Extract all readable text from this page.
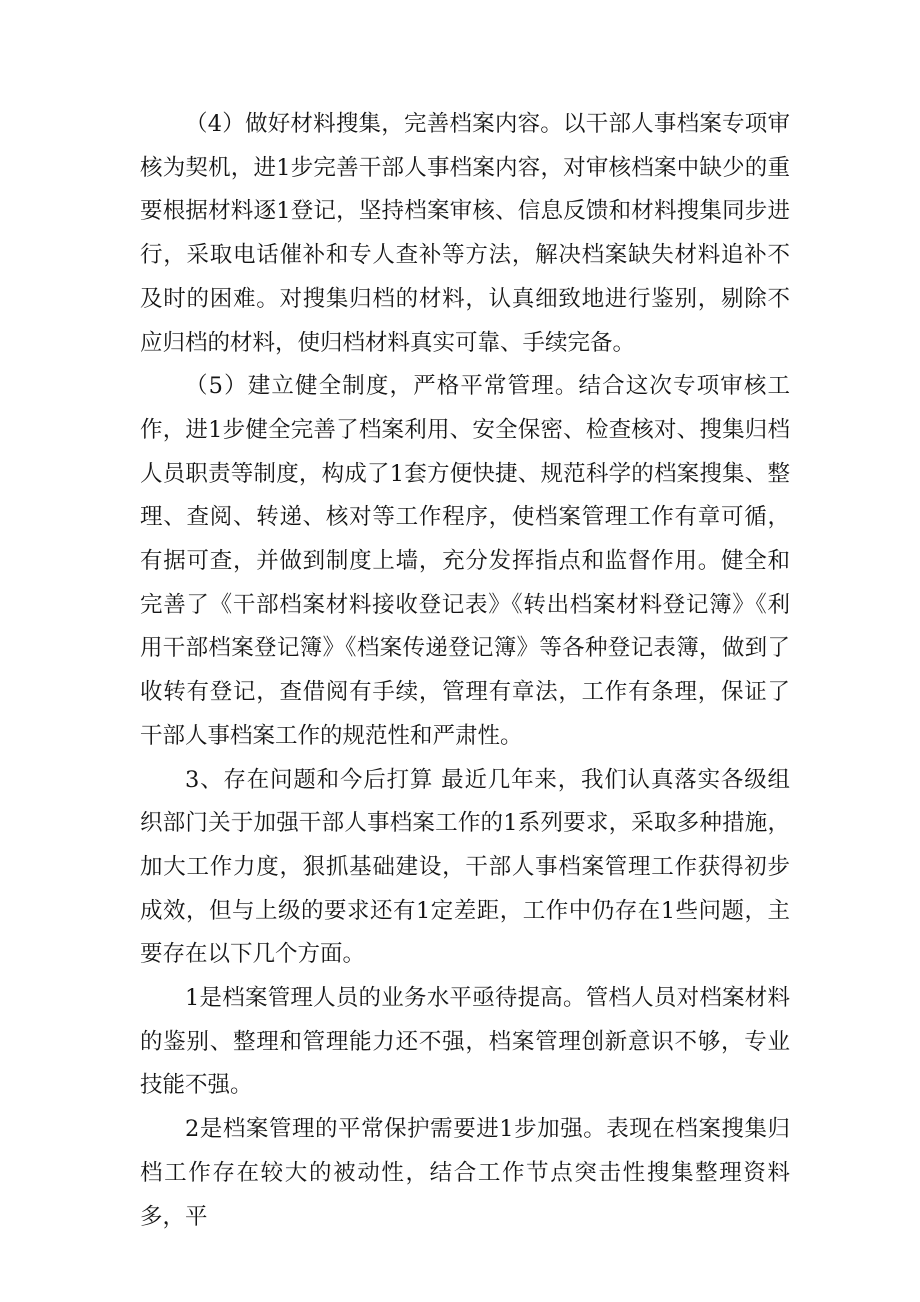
（4）做好材料搜集，完善档案内容。以干部人事档案专项审核为契机，进1步完善干部人事档案内容，对审核档案中缺少的重要根据材料逐1登记，坚持档案审核、信息反馈和材料搜集同步进行，采取电话催补和专人查补等方法，解决档案缺失材料追补不及时的困难。对搜集归档的材料，认真细致地进行鉴别，剔除不应归档的材料，使归档材料真实可靠、手续完备。

（5）建立健全制度，严格平常管理。结合这次专项审核工作，进1步健全完善了档案利用、安全保密、检查核对、搜集归档人员职责等制度，构成了1套方便快捷、规范科学的档案搜集、整理、查阅、转递、核对等工作程序，使档案管理工作有章可循，有据可查，并做到制度上墙，充分发挥指点和监督作用。健全和完善了《干部档案材料接收登记表》《转出档案材料登记簿》《利用干部档案登记簿》《档案传递登记簿》等各种登记表簿，做到了收转有登记，查借阅有手续，管理有章法，工作有条理，保证了干部人事档案工作的规范性和严肃性。

3、存在问题和今后打算 最近几年来，我们认真落实各级组织部门关于加强干部人事档案工作的1系列要求，采取多种措施，加大工作力度，狠抓基础建设，干部人事档案管理工作获得初步成效，但与上级的要求还有1定差距，工作中仍存在1些问题，主要存在以下几个方面。

1是档案管理人员的业务水平亟待提高。管档人员对档案材料的鉴别、整理和管理能力还不强，档案管理创新意识不够，专业技能不强。

2是档案管理的平常保护需要进1步加强。表现在档案搜集归档工作存在较大的被动性，结合工作节点突击性搜集整理资料多，平
